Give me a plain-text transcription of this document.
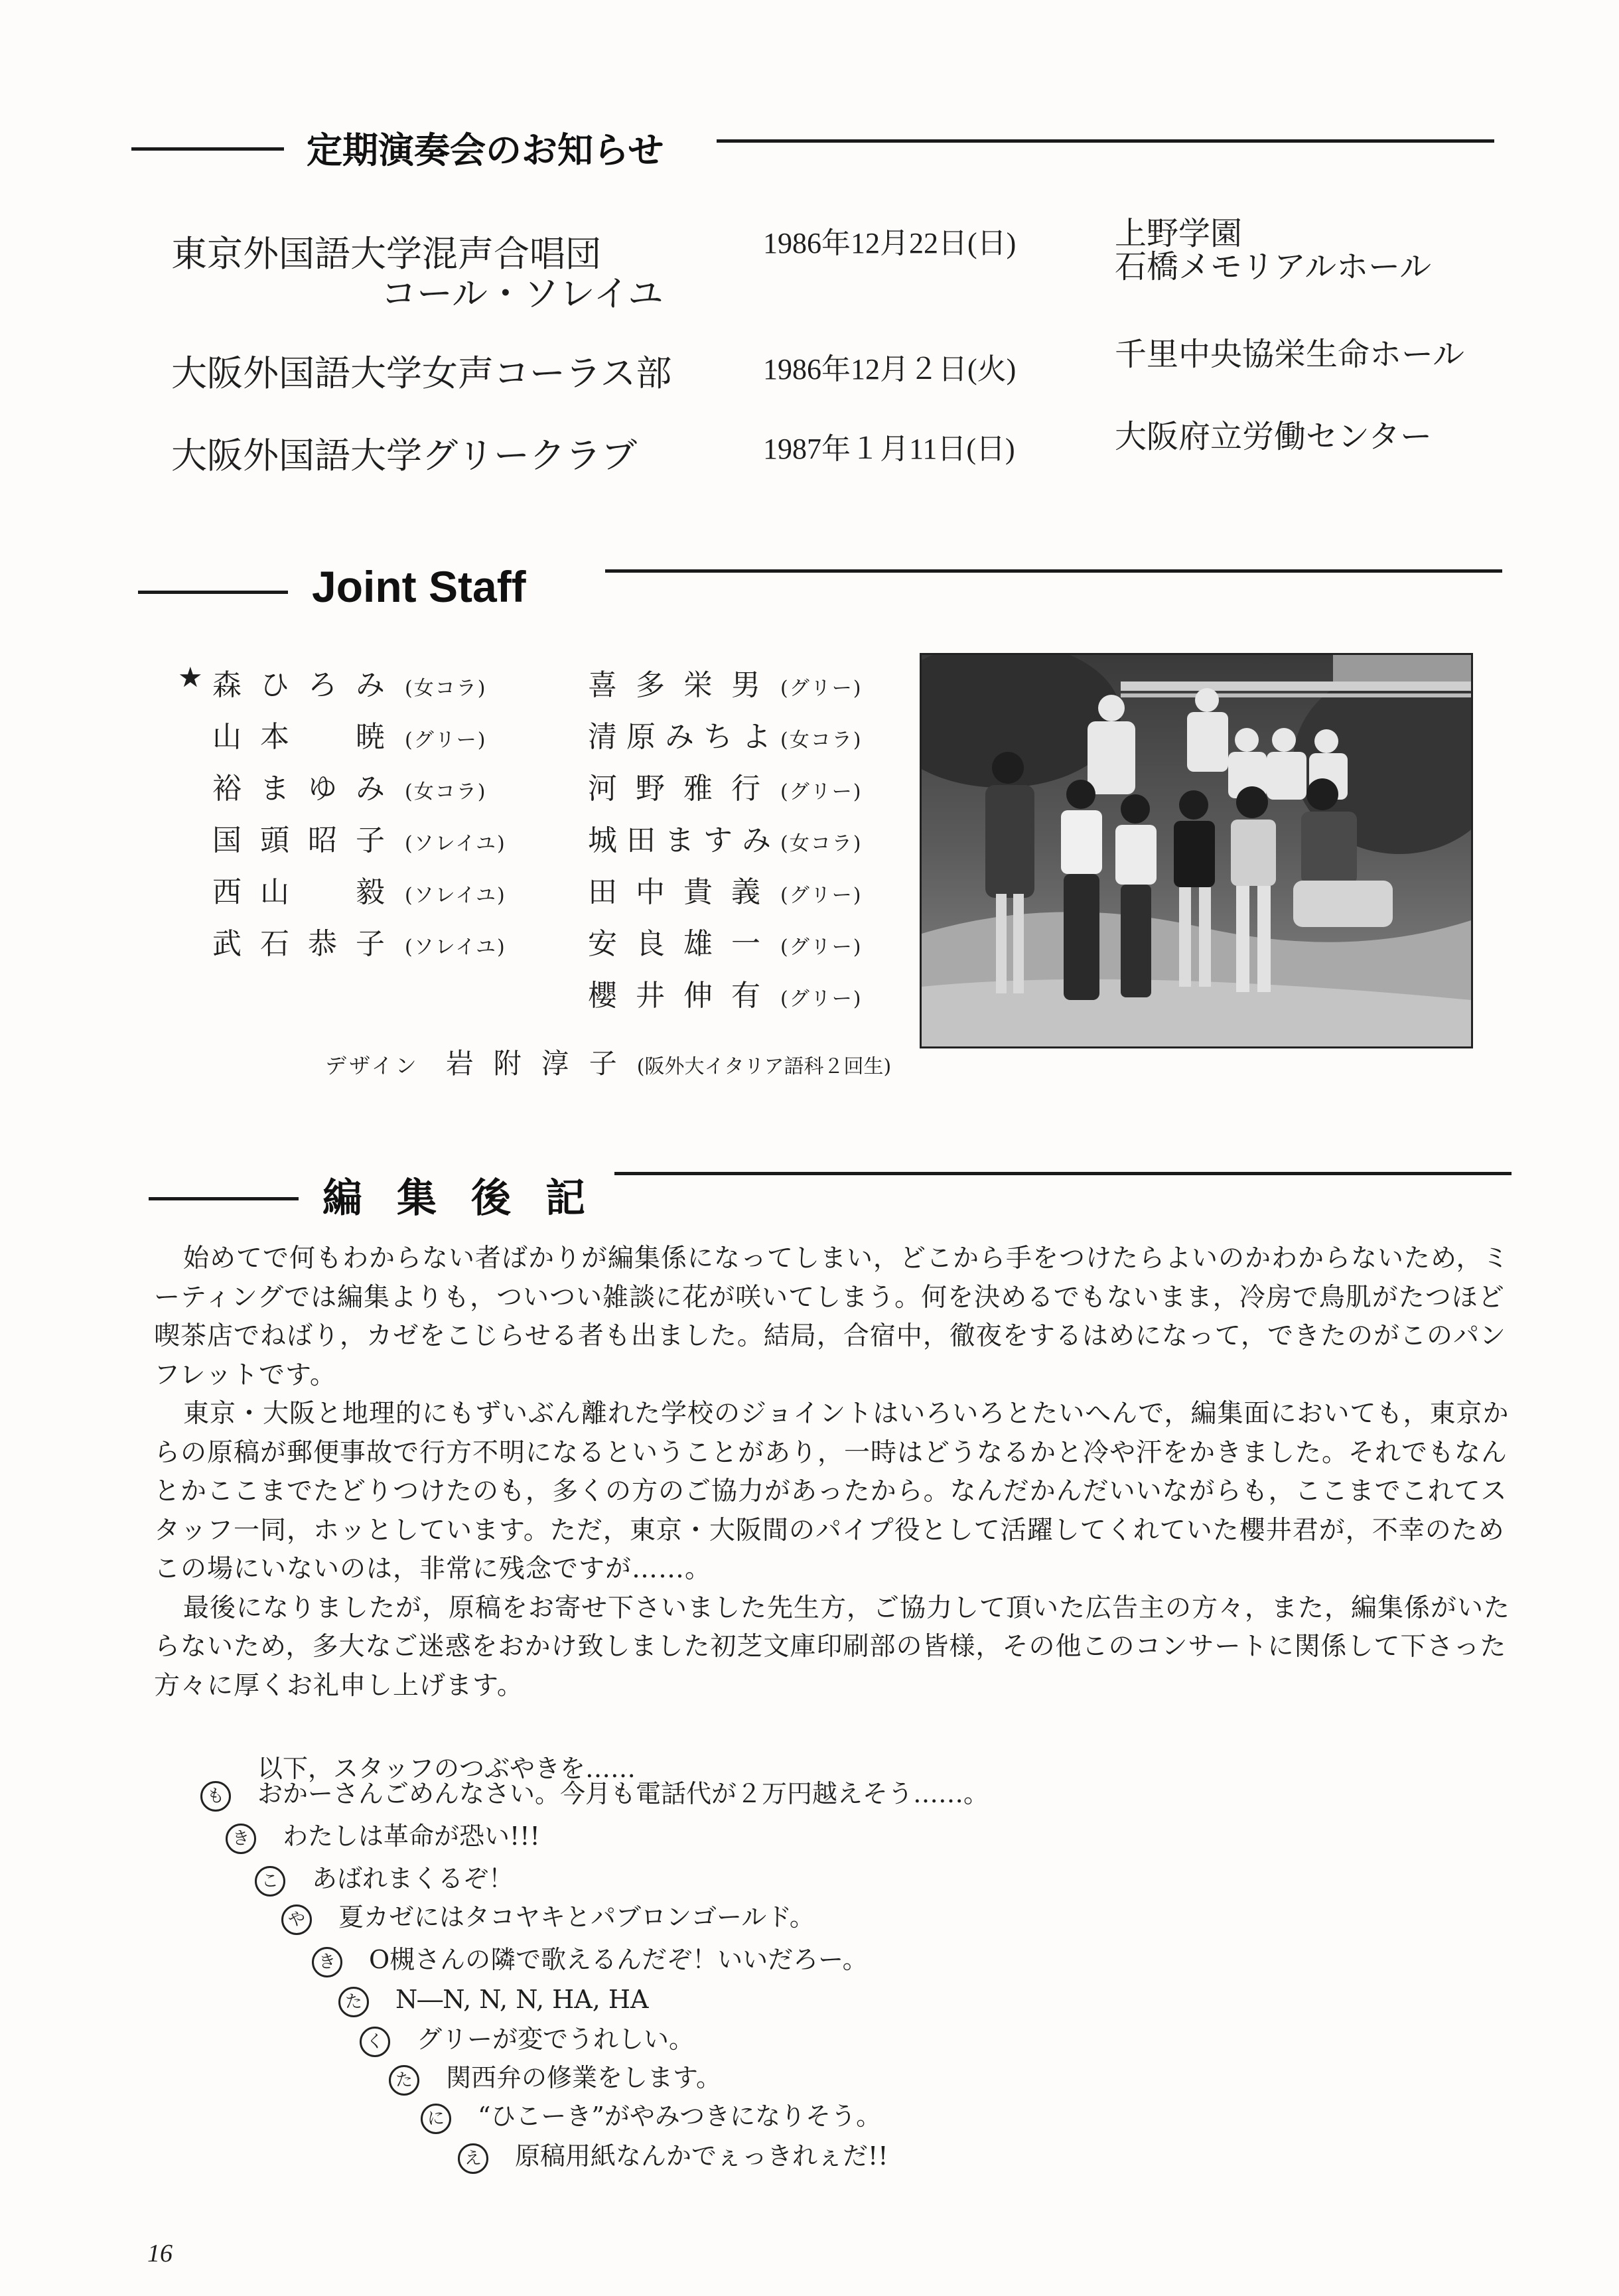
定期演奏会のお知らせ
東京外国語大学混声合唱団
コール・ソレイユ
1986年12月22日(日)	上野学園
石橋メモリアルホール
大阪外国語大学女声コーラス部	1986年12月２日(火)	千里中央協栄生命ホール
大阪外国語大学グリークラブ	1987年１月11日(日)	大阪府立労働センター
Joint Staff
★ 森ひろみ(女コラ)
山本　暁(グリー)
裕まゆみ(女コラ)
国頭昭子(ソレイユ)
西山　毅(ソレイユ)
武石恭子(ソレイユ)
喜多栄男(グリー)
清原みちよ(女コラ)
河野雅行(グリー)
城田ますみ(女コラ)
田中貴義(グリー)
安良雄一(グリー)
櫻井伸有(グリー)
デザイン 岩附淳子(阪外大イタリア語科２回生)
編集後記

始めてで何もわからない者ばかりが編集係になってしまい，どこから手をつけたらよいのかわからないため，ミーティングでは編集よりも，ついつい雑談に花が咲いてしまう。何を決めるでもないまま，冷房で鳥肌がたつほど喫茶店でねばり，カゼをこじらせる者も出ました。結局，合宿中，徹夜をするはめになって，できたのがこのパンフレットです。

東京・大阪と地理的にもずいぶん離れた学校のジョイントはいろいろとたいへんで，編集面においても，東京からの原稿が郵便事故で行方不明になるということがあり，一時はどうなるかと冷や汗をかきました。それでもなんとかここまでたどりつけたのも，多くの方のご協力があったから。なんだかんだいいながらも，ここまでこれてスタッフ一同，ホッとしています。ただ，東京・大阪間のパイプ役として活躍してくれていた櫻井君が，不幸のためこの場にいないのは，非常に残念ですが……。

最後になりましたが，原稿をお寄せ下さいました先生方，ご協力して頂いた広告主の方々，また，編集係がいたらないため，多大なご迷惑をおかけ致しました初芝文庫印刷部の皆様，その他このコンサートに関係して下さった方々に厚くお礼申し上げます。

以下，スタッフのつぶやきを……
も おかーさんごめんなさい。今月も電話代が２万円越えそう……。
き わたしは革命が恐い!!!
こ あばれまくるぞ！
や 夏カゼにはタコヤキとパブロンゴールド。
き O槻さんの隣で歌えるんだぞ！いいだろー。
た N―N, N, N, HA, HA
く グリーが変でうれしい。
た 関西弁の修業をします。
に “ひこーき”がやみつきになりそう。
え 原稿用紙なんかでぇっきれぇだ!!
16
